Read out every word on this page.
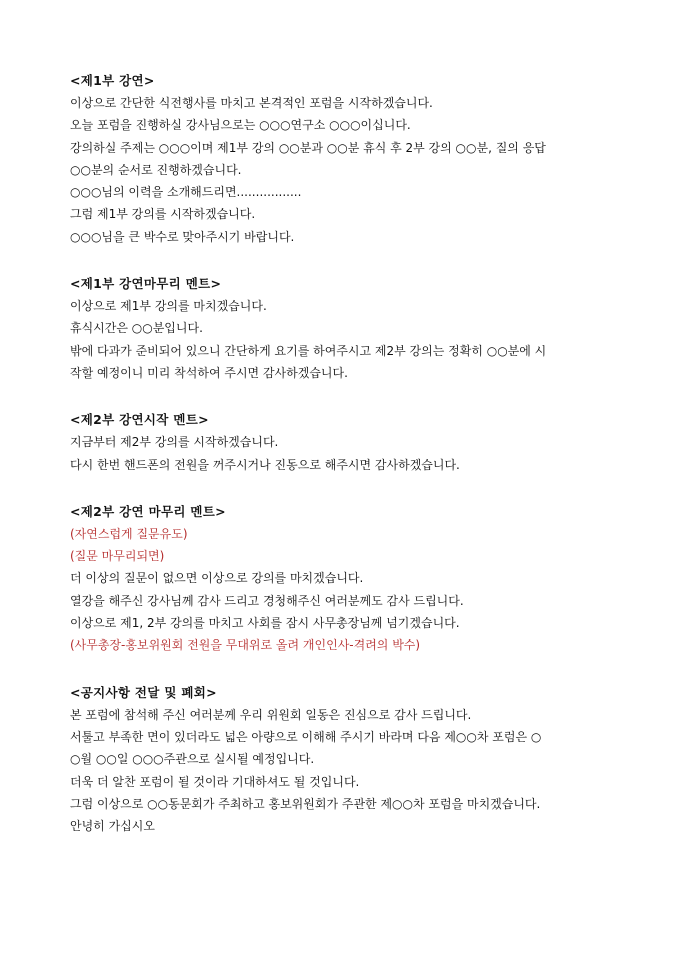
<제1부 강연>

이상으로 간단한 식전행사를 마치고 본격적인 포럼을 시작하겠습니다.

오늘 포럼을 진행하실 강사님으로는 ○○○연구소 ○○○이십니다.

강의하실 주제는 ○○○이며 제1부 강의 ○○분과 ○○분 휴식 후 2부 강의 ○○분, 질의 응답

○○분의 순서로 진행하겠습니다.

○○○님의 이력을 소개해드리면.................

그럼 제1부 강의를 시작하겠습니다.

○○○님을 큰 박수로 맞아주시기 바랍니다.

<제1부 강연마무리 멘트>

이상으로 제1부 강의를 마치겠습니다.

휴식시간은 ○○분입니다.

밖에 다과가 준비되어 있으니 간단하게 요기를 하여주시고 제2부 강의는 정확히 ○○분에 시

작할 예정이니 미리 착석하여 주시면 감사하겠습니다.

<제2부 강연시작 멘트>

지금부터 제2부 강의를 시작하겠습니다.

다시 한번 핸드폰의 전원을 꺼주시거나 진동으로 해주시면 감사하겠습니다.

<제2부 강연 마무리 멘트>

(자연스럽게 질문유도)

(질문 마무리되면)

더 이상의 질문이 없으면 이상으로 강의를 마치겠습니다.

열강을 해주신 강사님께 감사 드리고 경청해주신 여러분께도 감사 드립니다.

이상으로 제1, 2부 강의를 마치고 사회를 잠시 사무총장님께 넘기겠습니다.

(사무총장-홍보위원회 전원을 무대위로 올려 개인인사-격려의 박수)

<공지사항 전달 및 폐회>

본 포럼에 참석해 주신 여러분께 우리 위원회 일동은 진심으로 감사 드립니다.

서툴고 부족한 면이 있더라도 넓은 아량으로 이해해 주시기 바라며 다음 제○○차 포럼은 ○

○월 ○○일 ○○○주관으로 실시될 예정입니다.

더욱 더 알찬 포럼이 될 것이라 기대하셔도 될 것입니다.

그럼 이상으로 ○○동문회가 주최하고 홍보위원회가 주관한 제○○차 포럼을 마치겠습니다.

안녕히 가십시오
